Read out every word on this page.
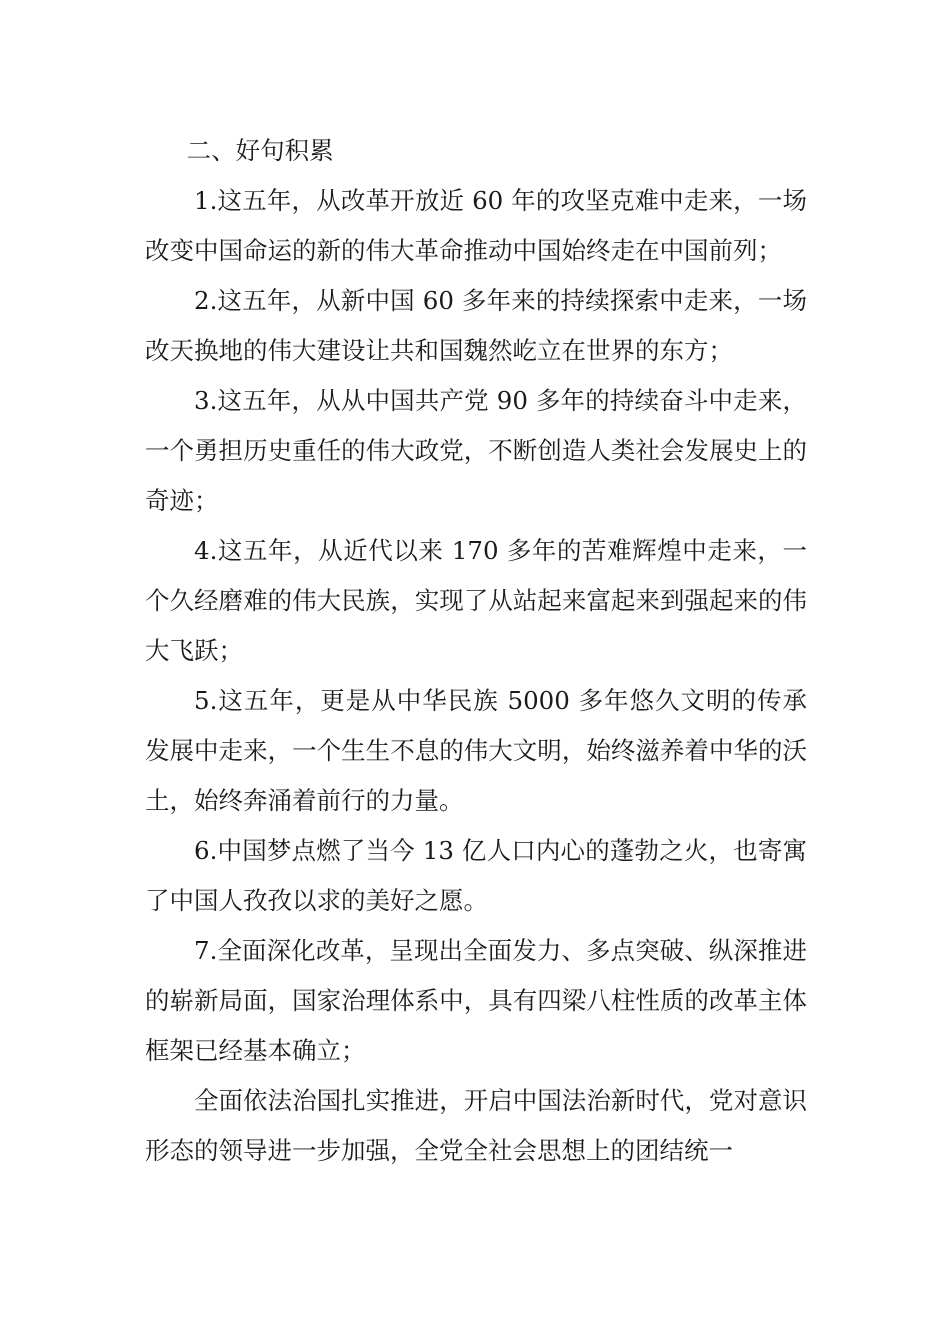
二、好句积累

1.这五年，从改革开放近 60 年的攻坚克难中走来，一场改变中国命运的新的伟大革命推动中国始终走在中国前列；

2.这五年，从新中国 60 多年来的持续探索中走来，一场改天换地的伟大建设让共和国魏然屹立在世界的东方；

3.这五年，从从中国共产党 90 多年的持续奋斗中走来，一个勇担历史重任的伟大政党，不断创造人类社会发展史上的奇迹；

4.这五年，从近代以来 170 多年的苦难辉煌中走来，一个久经磨难的伟大民族，实现了从站起来富起来到强起来的伟大飞跃；

5.这五年，更是从中华民族 5000 多年悠久文明的传承发展中走来，一个生生不息的伟大文明，始终滋养着中华的沃土，始终奔涌着前行的力量。

6.中国梦点燃了当今 13 亿人口内心的蓬勃之火，也寄寓了中国人孜孜以求的美好之愿。

7.全面深化改革，呈现出全面发力、多点突破、纵深推进的崭新局面，国家治理体系中，具有四梁八柱性质的改革主体框架已经基本确立；

全面依法治国扎实推进，开启中国法治新时代，党对意识形态的领导进一步加强，全党全社会思想上的团结统一
